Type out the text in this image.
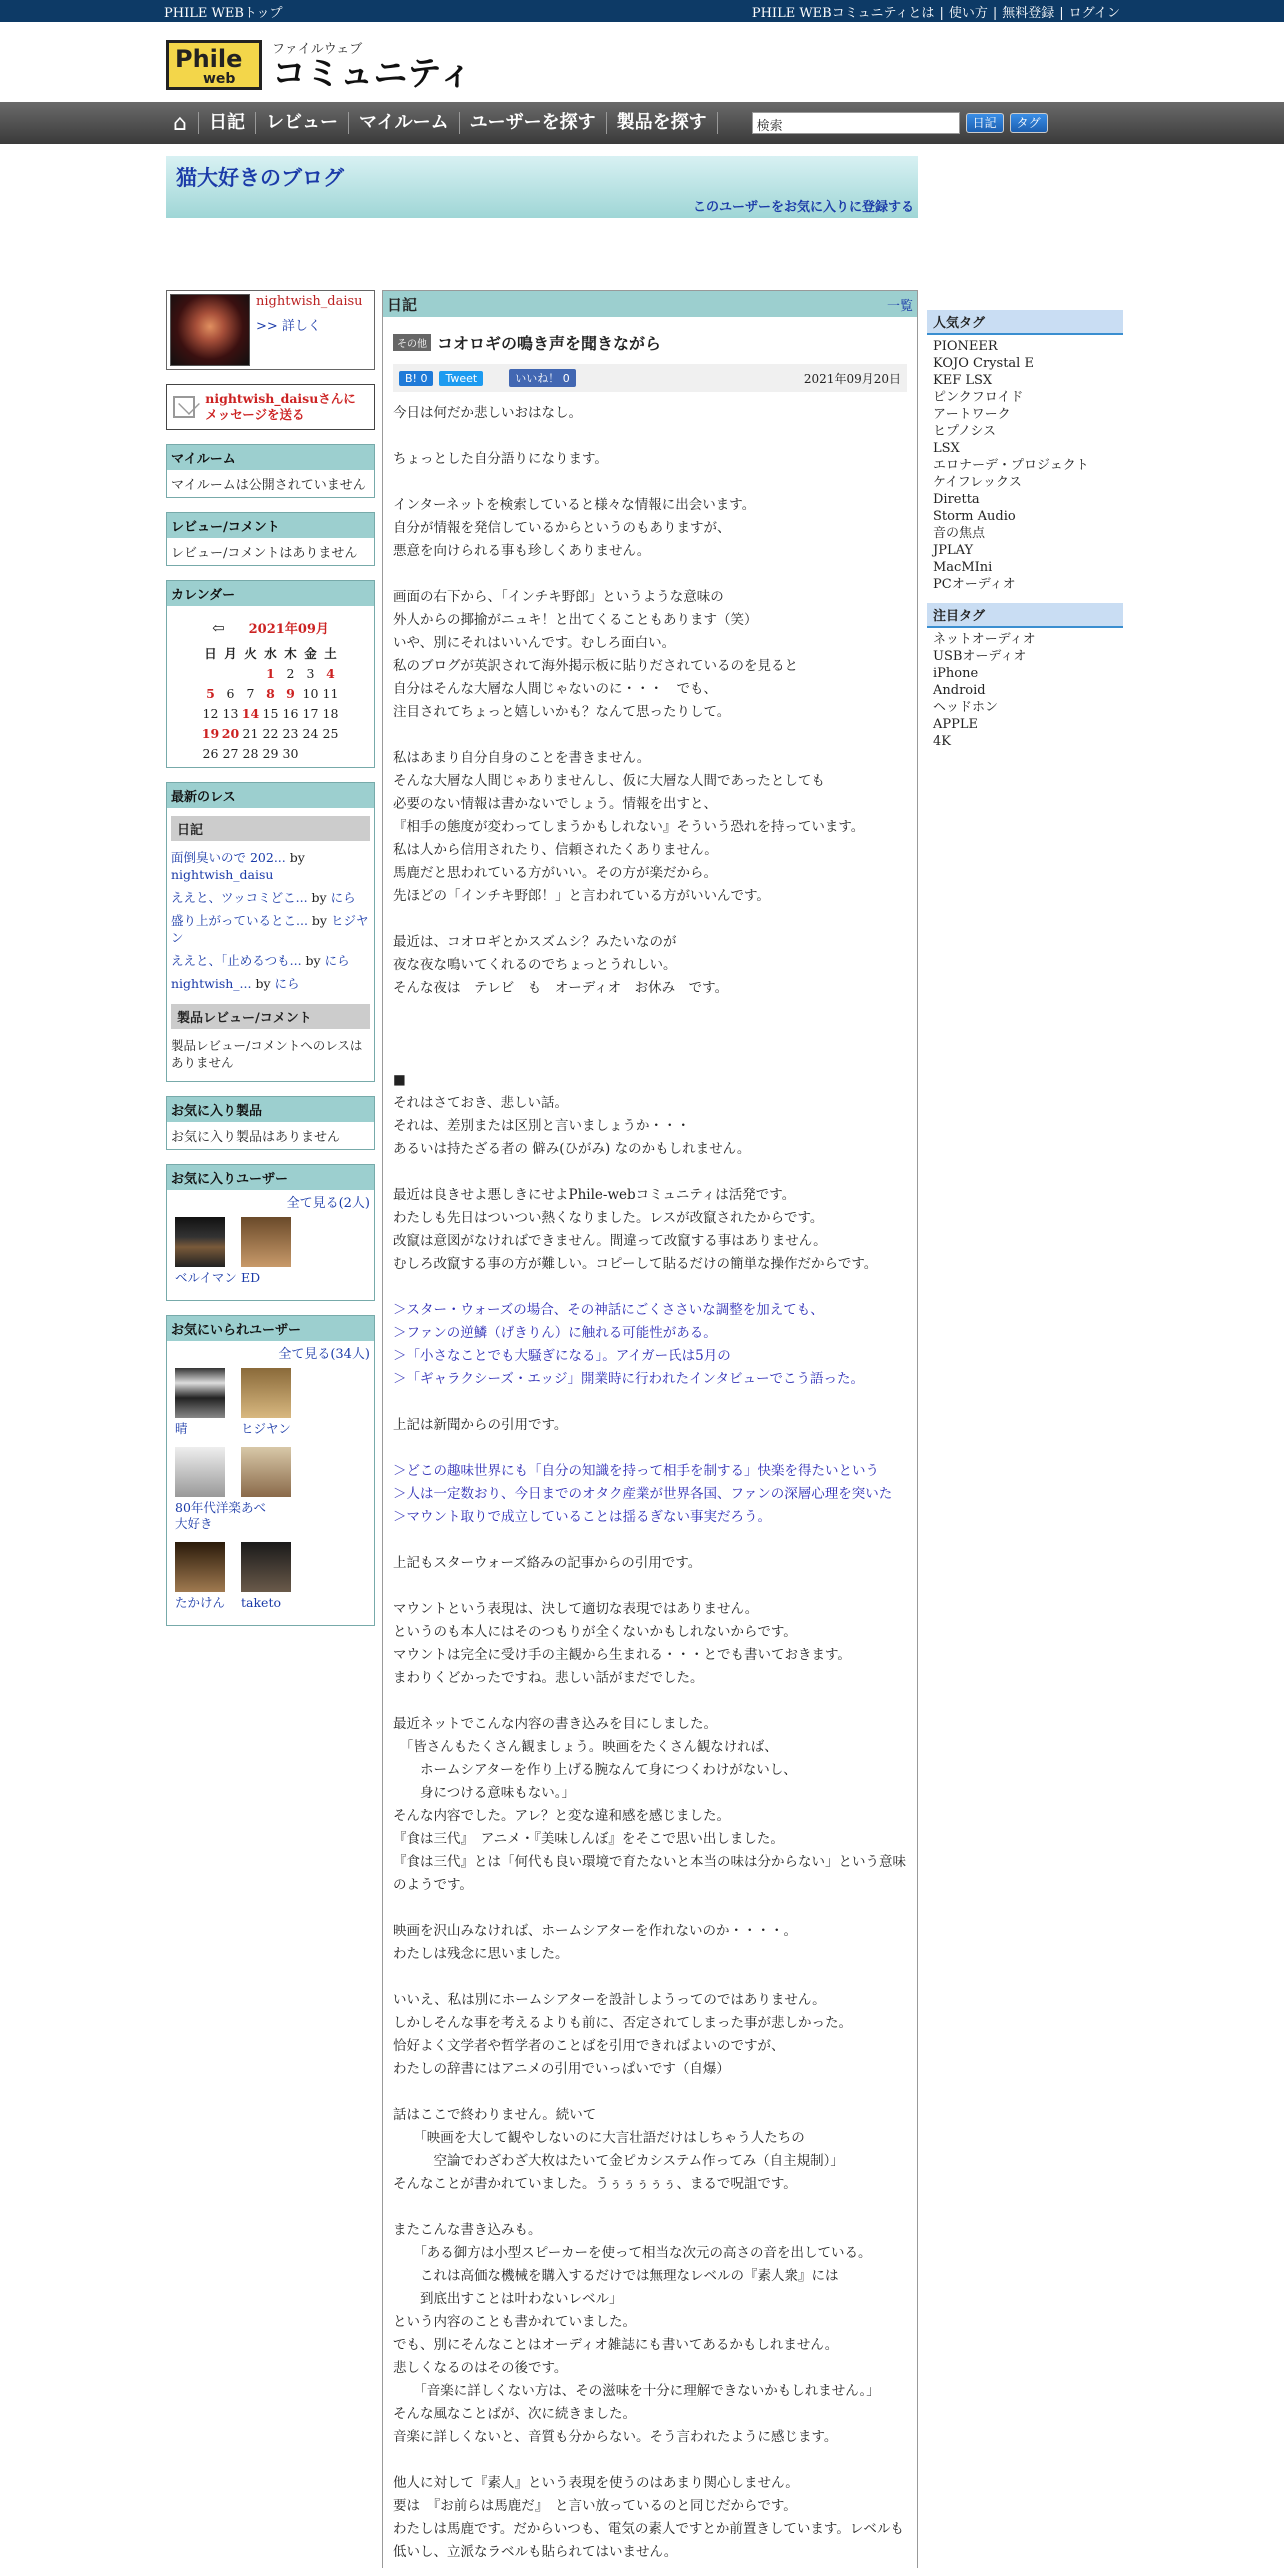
PHILE WEBトップ	PHILE WEBコミュニティとは | 使い方 | 無料登録 | ログイン
Phile
web
ファイルウェブ
コミュニティ
⌂	日記	レビュー	マイルーム	ユーザーを探す	製品を探す	検索	日記	タグ
猫大好きのブログ
このユーザーをお気に入りに登録する
nightwish_daisu
>> 詳しく
nightwish_daisuさんにメッセージを送る
マイルーム
マイルームは公開されていません
レビュー/コメント
レビュー/コメントはありません
カレンダー
⇦ 2021年09月
日	月	火	水	木	金	土
			1	2	3	4
5	6	7	8	9	10	11
12	13	14	15	16	17	18
19	20	21	22	23	24	25
26	27	28	29	30		
最新のレス
日記
面倒臭いので 202... by nightwish_daisu
ええと、ツッコミどこ... by にら
盛り上がっているとこ... by ヒジヤン
ええと、「止めるつも... by にら
nightwish_... by にら
製品レビュー/コメント
製品レビュー/コメントへのレスはありません
お気に入り製品
お気に入り製品はありません
お気に入りユーザー
全て見る(2人)
ベルイマン ED
お気にいられユーザー
全て見る(34人)
晴	ヒジヤン
80年代洋楽大好き
あべ
たかけん	taketo
日記	一覧
その他 コオロギの鳴き声を聞きながら
B! 0	Tweet	いいね！ 0	2021年09月20日

今日は何だか悲しいおはなし。

ちょっとした自分語りになります。

インターネットを検索していると様々な情報に出会います。
自分が情報を発信しているからというのもありますが、
悪意を向けられる事も珍しくありません。

画面の右下から、「インチキ野郎」というような意味の
外人からの揶揄がニュキ！と出てくることもあります（笑）
いや、別にそれはいいんです。むしろ面白い。
私のブログが英訳されて海外掲示板に貼りだされているのを見ると
自分はそんな大層な人間じゃないのに・・・　でも、
注目されてちょっと嬉しいかも？なんて思ったりして。

私はあまり自分自身のことを書きません。
そんな大層な人間じゃありませんし、仮に大層な人間であったとしても
必要のない情報は書かないでしょう。情報を出すと、
『相手の態度が変わってしまうかもしれない』そういう恐れを持っています。
私は人から信用されたり、信頼されたくありません。
馬鹿だと思われている方がいい。その方が楽だから。
先ほどの「インチキ野郎！」と言われている方がいいんです。

最近は、コオロギとかスズムシ？みたいなのが
夜な夜な鳴いてくれるのでちょっとうれしい。
そんな夜は　テレビ　も　オーディオ　お休み　です。

■
それはさておき、悲しい話。
それは、差別または区別と言いましょうか・・・
あるいは持たざる者の 僻み(ひがみ) なのかもしれません。

最近は良きせよ悪しきにせよPhile-webコミュニティは活発です。
わたしも先日はついつい熱くなりました。レスが改竄されたからです。
改竄は意図がなければできません。間違って改竄する事はありません。
むしろ改竄する事の方が難しい。コピーして貼るだけの簡単な操作だからです。

＞スター・ウォーズの場合、その神話にごくささいな調整を加えても、
＞ファンの逆鱗（げきりん）に触れる可能性がある。
＞「小さなことでも大騒ぎになる」。アイガー氏は5月の
＞「ギャラクシーズ・エッジ」開業時に行われたインタビューでこう語った。

上記は新聞からの引用です。

＞どこの趣味世界にも「自分の知識を持って相手を制する」快楽を得たいという
＞人は一定数おり、今日までのオタク産業が世界各国、ファンの深層心理を突いた
＞マウント取りで成立していることは揺るぎない事実だろう。

上記もスターウォーズ絡みの記事からの引用です。

マウントという表現は、決して適切な表現ではありません。
というのも本人にはそのつもりが全くないかもしれないからです。
マウントは完全に受け手の主観から生まれる・・・とでも書いておきます。
まわりくどかったですね。悲しい話がまだでした。

最近ネットでこんな内容の書き込みを目にしました。
　「皆さんもたくさん観ましょう。映画をたくさん観なければ、
　　ホームシアターを作り上げる腕なんて身につくわけがないし、
　　身につける意味もない。」
そんな内容でした。アレ？と変な違和感を感じました。
『食は三代』　アニメ・『美味しんぼ』をそこで思い出しました。
『食は三代』とは「何代も良い環境で育たないと本当の味は分からない」という意味のようです。

映画を沢山みなければ、ホームシアターを作れないのか・・・・。
わたしは残念に思いました。

いいえ、私は別にホームシアターを設計しようってのではありません。
しかしそんな事を考えるよりも前に、否定されてしまった事が悲しかった。
恰好よく文学者や哲学者のことばを引用できればよいのですが、
わたしの辞書にはアニメの引用でいっぱいです（自爆）

話はここで終わりません。続いて
　　「映画を大して観やしないのに大言壮語だけはしちゃう人たちの
　　　空論でわざわざ大枚はたいて金ピカシステム作ってみ（自主規制）」
そんなことが書かれていました。うぅぅぅぅぅ、まるで呪詛です。

またこんな書き込みも。
　　「ある御方は小型スピーカーを使って相当な次元の高さの音を出している。
　　これは高価な機械を購入するだけでは無理なレベルの『素人衆』には
　　到底出すことは叶わないレベル」
という内容のことも書かれていました。
でも、別にそんなことはオーディオ雑誌にも書いてあるかもしれません。
悲しくなるのはその後です。
　　「音楽に詳しくない方は、その滋味を十分に理解できないかもしれません。」
そんな風なことばが、次に続きました。
音楽に詳しくないと、音質も分からない。そう言われたように感じます。

他人に対して『素人』という表現を使うのはあまり関心しません。
要は　『お前らは馬鹿だ』　と言い放っているのと同じだからです。
わたしは馬鹿です。だからいつも、電気の素人ですとか前置きしています。レベルも低いし、立派なラベルも貼られてはいません。

人気タグ
PIONEER
KOJO Crystal E
KEF LSX
ピンクフロイド
アートワーク
ヒプノシス
LSX
エロナーデ・プロジェクト
ケイフレックス
Diretta
Storm Audio
音の焦点
JPLAY
MacMIni
PCオーディオ
注目タグ
ネットオーディオ
USBオーディオ
iPhone
Android
ヘッドホン
APPLE
4K
